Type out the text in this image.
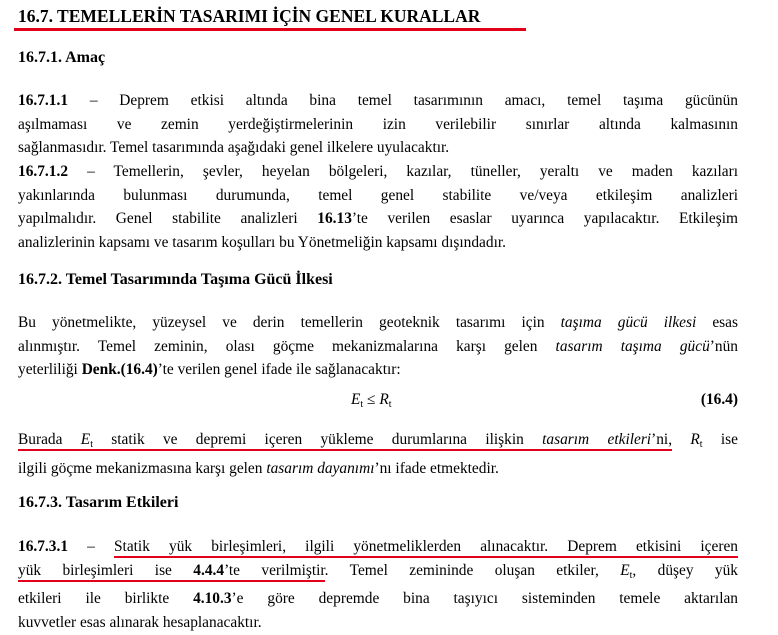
16.7. TEMELLERİN TASARIMI İÇİN GENEL KURALLAR
16.7.1. Amaç
16.7.1.1 – Deprem etkisi altında bina temel tasarımının amacı, temel taşıma gücünün
aşılmaması ve zemin yerdeğiştirmelerinin izin verilebilir sınırlar altında kalmasının
sağlanmasıdır. Temel tasarımında aşağıdaki genel ilkelere uyulacaktır.
16.7.1.2 – Temellerin, şevler, heyelan bölgeleri, kazılar, tüneller, yeraltı ve maden kazıları
yakınlarında bulunması durumunda, temel genel stabilite ve/veya etkileşim analizleri
yapılmalıdır. Genel stabilite analizleri 16.13’te verilen esaslar uyarınca yapılacaktır. Etkileşim
analizlerinin kapsamı ve tasarım koşulları bu Yönetmeliğin kapsamı dışındadır.
16.7.2. Temel Tasarımında Taşıma Gücü İlkesi
Bu yönetmelikte, yüzeysel ve derin temellerin geoteknik tasarımı için taşıma gücü ilkesi esas
alınmıştır. Temel zeminin, olası göçme mekanizmalarına karşı gelen tasarım taşıma gücü’nün
yeterliliği Denk.(16.4)’te verilen genel ifade ile sağlanacaktır:
$E_t \le R_t$	(16.4)
Burada $E_t$ statik ve depremi içeren yükleme durumlarına ilişkin tasarım etkileri’ni, $R_t$ ise
ilgili göçme mekanizmasına karşı gelen tasarım dayanımı’nı ifade etmektedir.
16.7.3. Tasarım Etkileri
16.7.3.1 – Statik yük birleşimleri, ilgili yönetmeliklerden alınacaktır. Deprem etkisini içeren
yük birleşimleri ise 4.4.4’te verilmiştir. Temel zemininde oluşan etkiler, $E_t$, düşey yük
etkileri ile birlikte 4.10.3’e göre depremde bina taşıyıcı sisteminden temele aktarılan
kuvvetler esas alınarak hesaplanacaktır.
